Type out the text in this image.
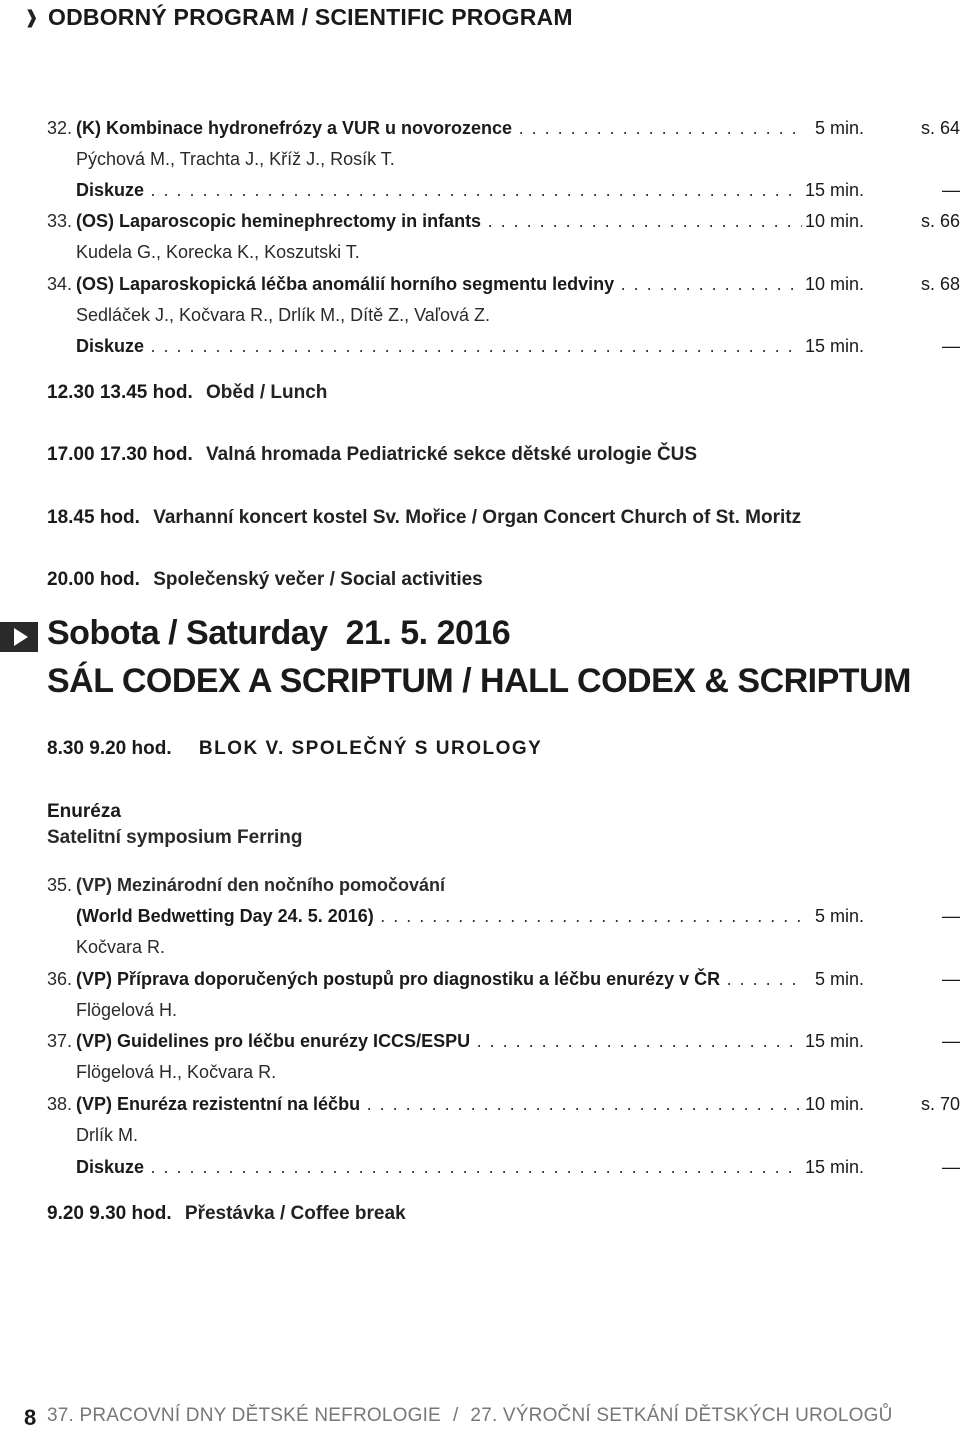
❱ ODBORNÝ PROGRAM / SCIENTIFIC PROGRAM
32. (K) Kombinace hydronefrózy a VUR u novorozence . . .	5 min.	s. 64
Pýchová M., Trachta J., Kříž J., Rosík T.
Diskuze . . .	15 min.	—
33. (OS) Laparoscopic heminephrectomy in infants . . .	10 min.	s. 66
Kudela G., Korecka K., Koszutski T.
34. (OS) Laparoskopická léčba anomálií horního segmentu ledviny . . .	10 min.	s. 68
Sedláček J., Kočvara R., Drlík M., Dítě Z., Vaľová Z.
Diskuze . . .	15 min.	—
12.30 13.45 hod. Oběd / Lunch
17.00 17.30 hod. Valná hromada Pediatrické sekce dětské urologie ČUS
18.45 hod. Varhanní koncert kostel Sv. Mořice / Organ Concert Church of St. Moritz
20.00 hod. Společenský večer / Social activities
Sobota / Saturday 21. 5. 2016
SÁL CODEX A SCRIPTUM / HALL CODEX & SCRIPTUM
8.30 9.20 hod. BLOK V. SPOLEČNÝ S UROLOGY
Enuréza
Satelitní symposium Ferring
35. (VP) Mezinárodní den nočního pomočování
(World Bedwetting Day 24. 5. 2016) . . .	5 min.	—
Kočvara R.
36. (VP) Příprava doporučených postupů pro diagnostiku a léčbu enurézy v ČR . . .	5 min.	—
Flögelová H.
37. (VP) Guidelines pro léčbu enurézy ICCS/ESPU . . .	15 min.	—
Flögelová H., Kočvara R.
38. (VP) Enuréza rezistentní na léčbu . . .	10 min.	s. 70
Drlík M.
Diskuze . . .	15 min.	—
9.20 9.30 hod. Přestávka / Coffee break
8 37. PRACOVNÍ DNY DĚTSKÉ NEFROLOGIE / 27. VÝROČNÍ SETKÁNÍ DĚTSKÝCH UROLOGŮ
